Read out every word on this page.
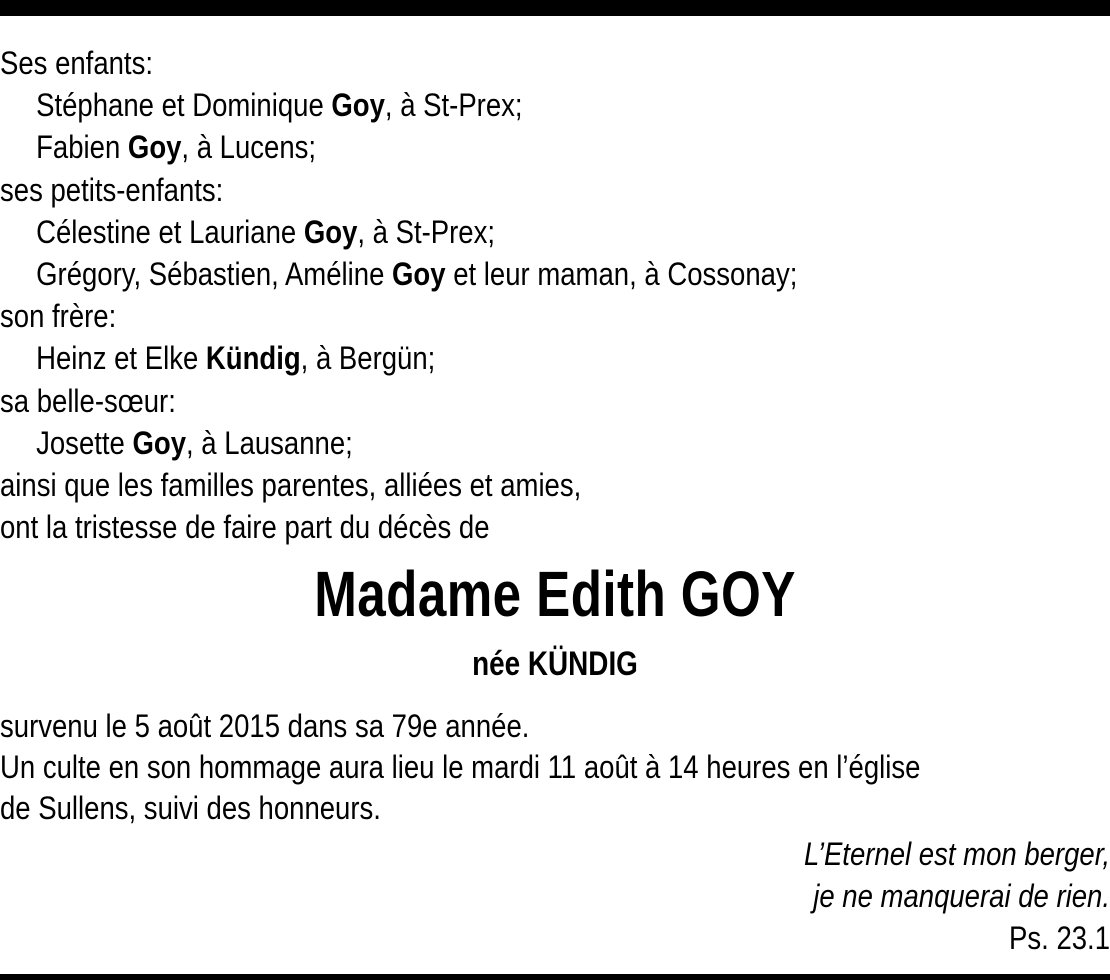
Ses enfants:
Stéphane et Dominique Goy, à St-Prex;
Fabien Goy, à Lucens;
ses petits-enfants:
Célestine et Lauriane Goy, à St-Prex;
Grégory, Sébastien, Améline Goy et leur maman, à Cossonay;
son frère:
Heinz et Elke Kündig, à Bergün;
sa belle-sœur:
Josette Goy, à Lausanne;
ainsi que les familles parentes, alliées et amies,
ont la tristesse de faire part du décès de
Madame Edith GOY
née KÜNDIG
survenu le 5 août 2015 dans sa 79e année.
Un culte en son hommage aura lieu le mardi 11 août à 14 heures en l’église
de Sullens, suivi des honneurs.
L’Eternel est mon berger,
je ne manquerai de rien.
Ps. 23.1
